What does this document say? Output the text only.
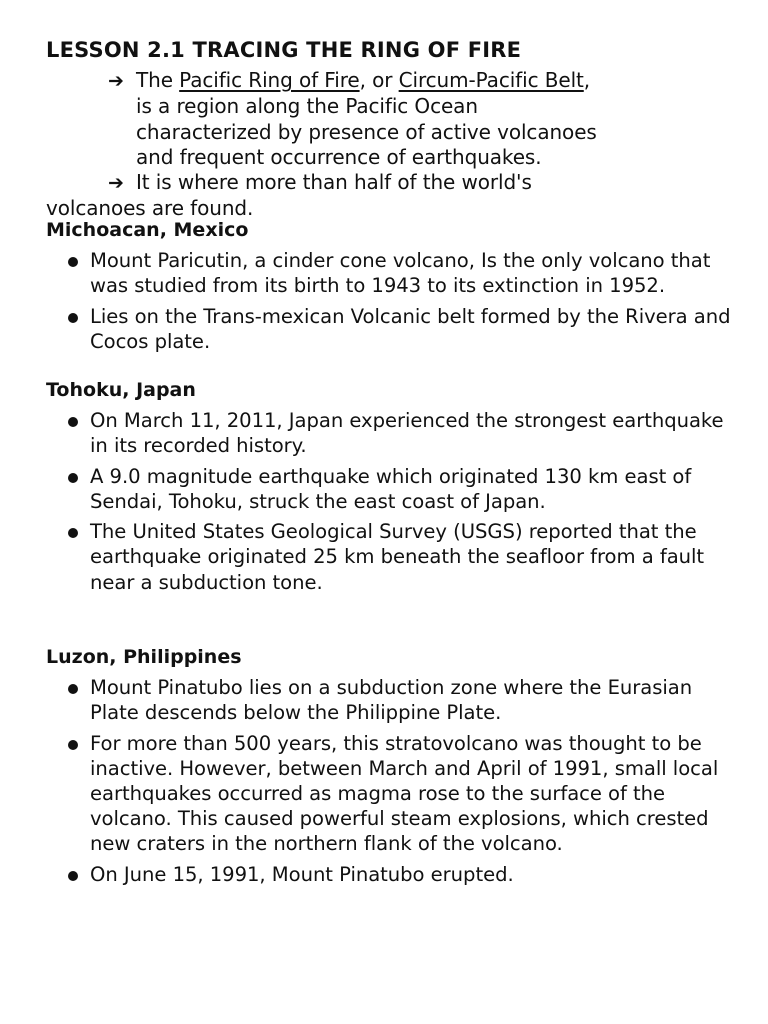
LESSON 2.1 TRACING THE RING OF FIRE
➔ The Pacific Ring of Fire, or Circum-Pacific Belt,
is a region along the Pacific Ocean
characterized by presence of active volcanoes
and frequent occurrence of earthquakes.
➔ It is where more than half of the world's
volcanoes are found.
Michoacan, Mexico
Mount Paricutin, a cinder cone volcano, Is the only volcano that was studied from its birth to 1943 to its extinction in 1952.
Lies on the Trans-mexican Volcanic belt formed by the Rivera and Cocos plate.
Tohoku, Japan
On March 11, 2011, Japan experienced the strongest earthquake in its recorded history.
A 9.0 magnitude earthquake which originated 130 km east of Sendai, Tohoku, struck the east coast of Japan.
The United States Geological Survey (USGS) reported that the earthquake originated 25 km beneath the seafloor from a fault near a subduction tone.
Luzon, Philippines
Mount Pinatubo lies on a subduction zone where the Eurasian Plate descends below the Philippine Plate.
For more than 500 years, this stratovolcano was thought to be inactive. However, between March and April of 1991, small local earthquakes occurred as magma rose to the surface of the volcano. This caused powerful steam explosions, which crested new craters in the northern flank of the volcano.
On June 15, 1991, Mount Pinatubo erupted.
